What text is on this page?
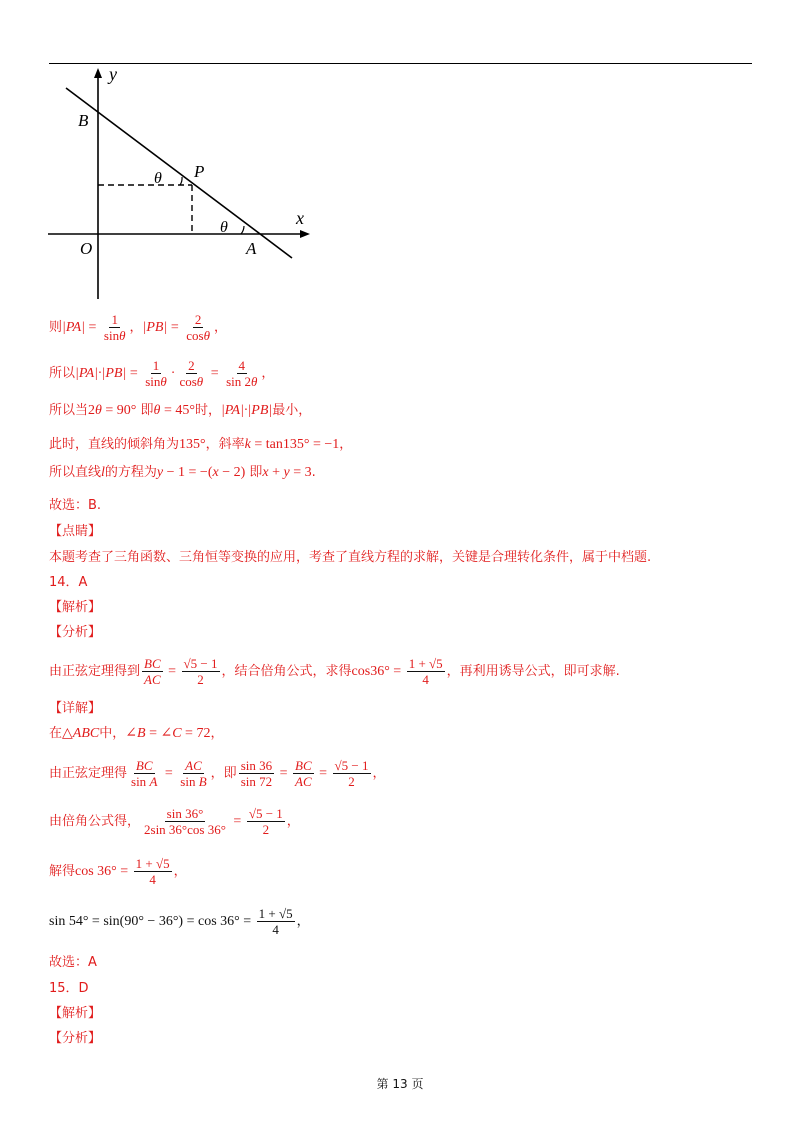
y
x
O
B
P
A
θ
θ
则$|PA| = \frac{1}{\sin\theta}$ ，$|PB| = \frac{2}{\cos\theta}$ ，
所以$|PA|\cdot|PB| = \frac{1}{\sin\theta} \cdot \frac{2}{\cos\theta} = \frac{4}{\sin 2\theta}$ ，
所以当2θ = 90° 即θ = 45°时，|PA|·|PB|最小，
此时，直线的倾斜角为135°，斜率k = tan135° = −1，
所以直线l的方程为y − 1 = −(x − 2) 即x + y = 3.
故选：B.
【点睛】
本题考查了三角函数、三角恒等变换的应用，考查了直线方程的求解，关键是合理转化条件，属于中档题.
14．A
【解析】
【分析】
由正弦定理得到 $\frac{BC}{AC} = \frac{√5 - 1}{2}$ ，结合倍角公式，求得$\cos 36^\circ = \frac{1 + √5}{4}$ ，再利用诱导公式，即可求解.
【详解】
在△ABC中，∠B = ∠C = 72，
由正弦定理得 $\frac{BC}{\text{sin A}} = \frac{AC}{\text{sin B}}$ ，即 $\frac{\sin 36}{\sin 72} = \frac{BC}{AC} = \frac{√5 - 1}{2}$ ，
由倍角公式得， $\frac{\sin 36^\circ}{2\sin 36^\circ\cos 36^\circ} = \frac{√5 - 1}{2}$ ，
解得$\cos 36^\circ = \frac{1 + √5}{4}$ ，
$\sin 54^\circ = \sin(90^\circ - 36^\circ) = \cos 36^\circ = \frac{1 + √5}{4}$ ，
故选：A
15．D
【解析】
【分析】
第 13 页
